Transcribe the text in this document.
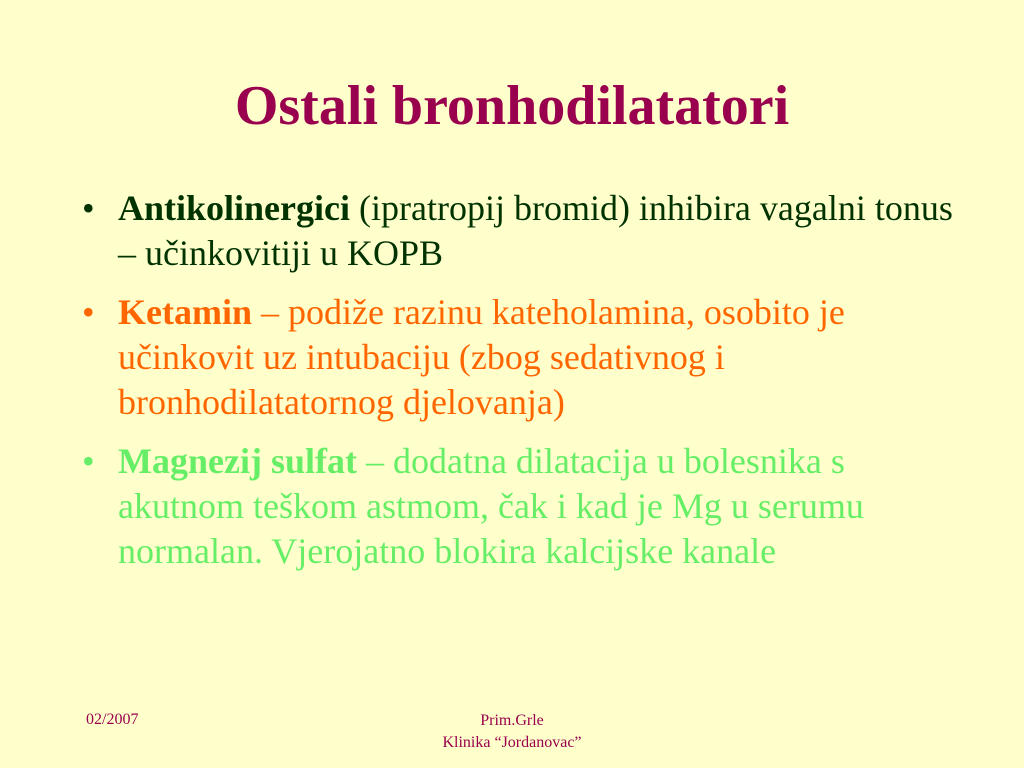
Ostali bronhodilatatori
•
Antikolinergici (ipratropij bromid) inhibira vagalni tonus – učinkovitiji u KOPB
•
Ketamin – podiže razinu kateholamina, osobito je učinkovit uz intubaciju (zbog sedativnog i bronhodilatatornog djelovanja)
•
Magnezij sulfat – dodatna dilatacija u bolesnika s akutnom teškom astmom, čak i kad je Mg u serumu normalan. Vjerojatno blokira kalcijske kanale
02/2007	Prim.Grle
Klinika “Jordanovac”
